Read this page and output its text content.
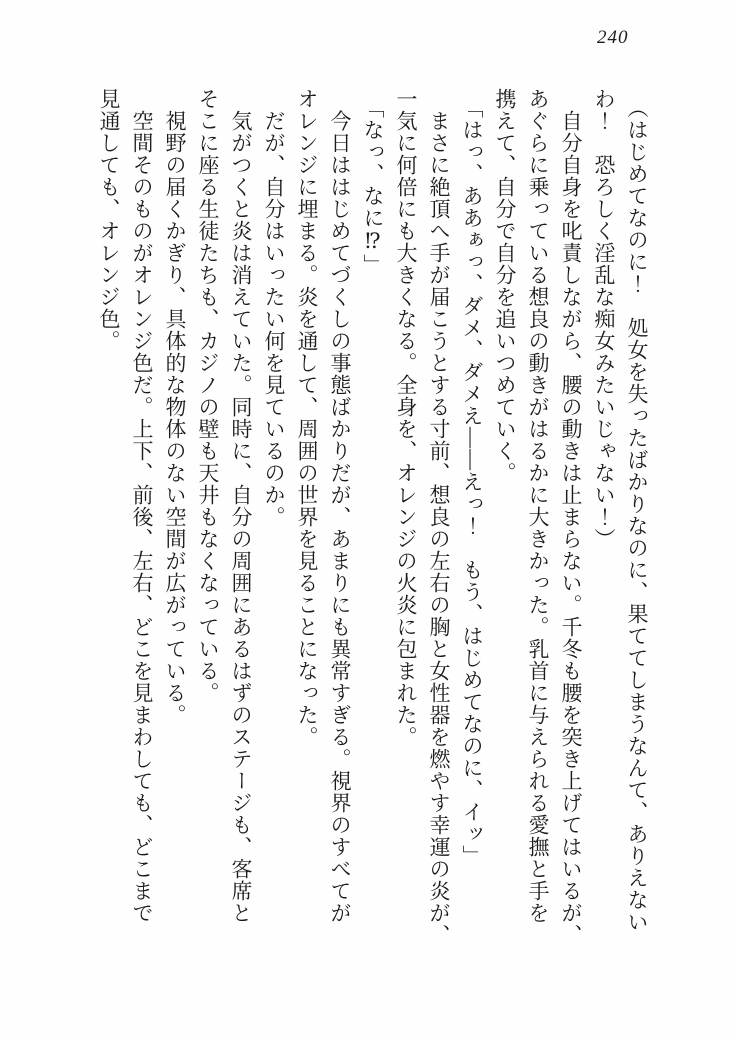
240
（はじめてなのに！　処女を失ったばかりなのに、果ててしまうなんて、ありえない
わ！　恐ろしく淫乱な痴女みたいじゃない！）
自分自身を叱責しながら、腰の動きは止まらない。千冬も腰を突き上げてはいるが、
あぐらに乗っている想良の動きがはるかに大きかった。乳首に与えられる愛撫と手を
携えて、自分で自分を追いつめていく。
「はっ、ああぁっ、ダメ、ダメえ――えっ！　もう、はじめてなのに、イッ」
まさに絶頂へ手が届こうとする寸前、想良の左右の胸と女性器を燃やす幸運の炎が、
一気に何倍にも大きくなる。全身を、オレンジの火炎に包まれた。
「なっ、なに⁉」
今日ははじめてづくしの事態ばかりだが、あまりにも異常すぎる。視界のすべてが
オレンジに埋まる。炎を通して、周囲の世界を見ることになった。
だが、自分はいったい何を見ているのか。
気がつくと炎は消えていた。同時に、自分の周囲にあるはずのステージも、客席と
そこに座る生徒たちも、カジノの壁も天井もなくなっている。
視野の届くかぎり、具体的な物体のない空間が広がっている。
空間そのものがオレンジ色だ。上下、前後、左右、どこを見まわしても、どこまで
見通しても、オレンジ色。
